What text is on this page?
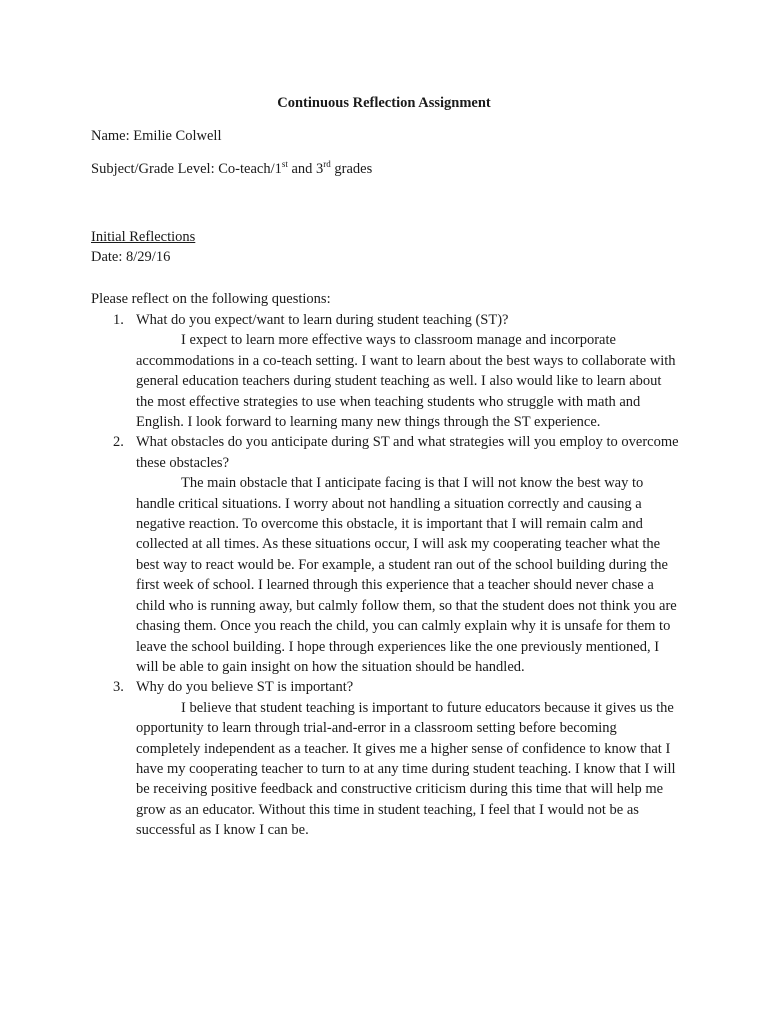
Continuous Reflection Assignment
Name: Emilie Colwell
Subject/Grade Level: Co-teach/1st and 3rd grades
Initial Reflections
Date: 8/29/16
Please reflect on the following questions:
1. What do you expect/want to learn during student teaching (ST)?
I expect to learn more effective ways to classroom manage and incorporate accommodations in a co-teach setting. I want to learn about the best ways to collaborate with general education teachers during student teaching as well. I also would like to learn about the most effective strategies to use when teaching students who struggle with math and English. I look forward to learning many new things through the ST experience.
2. What obstacles do you anticipate during ST and what strategies will you employ to overcome these obstacles?
The main obstacle that I anticipate facing is that I will not know the best way to handle critical situations. I worry about not handling a situation correctly and causing a negative reaction. To overcome this obstacle, it is important that I will remain calm and collected at all times. As these situations occur, I will ask my cooperating teacher what the best way to react would be. For example, a student ran out of the school building during the first week of school. I learned through this experience that a teacher should never chase a child who is running away, but calmly follow them, so that the student does not think you are chasing them. Once you reach the child, you can calmly explain why it is unsafe for them to leave the school building. I hope through experiences like the one previously mentioned, I will be able to gain insight on how the situation should be handled.
3. Why do you believe ST is important?
I believe that student teaching is important to future educators because it gives us the opportunity to learn through trial-and-error in a classroom setting before becoming completely independent as a teacher. It gives me a higher sense of confidence to know that I have my cooperating teacher to turn to at any time during student teaching. I know that I will be receiving positive feedback and constructive criticism during this time that will help me grow as an educator. Without this time in student teaching, I feel that I would not be as successful as I know I can be.
